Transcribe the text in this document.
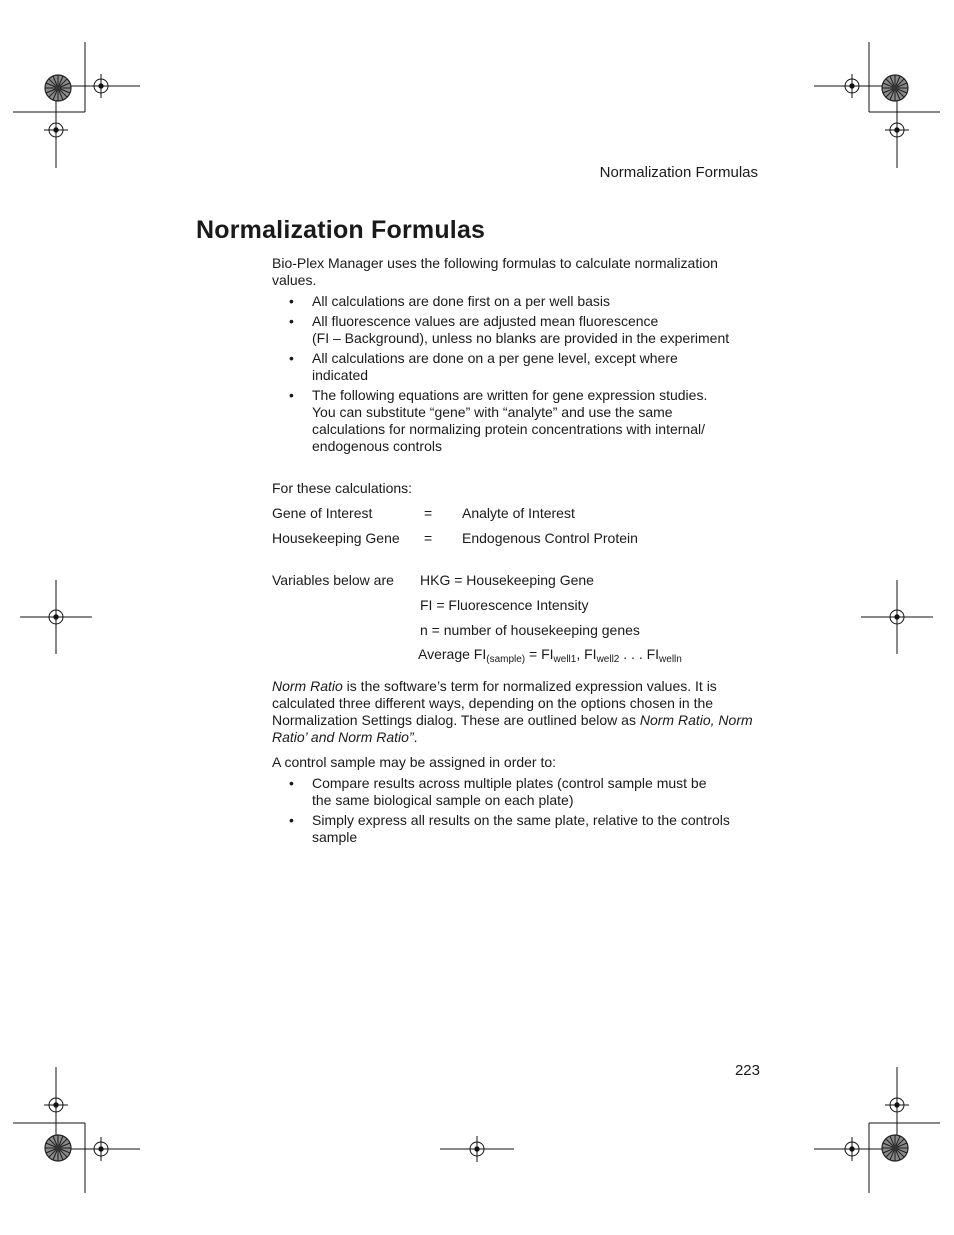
Normalization Formulas
Normalization Formulas

Bio-Plex Manager uses the following formulas to calculate normalization
values.

• All calculations are done first on a per well basis
• All fluorescence values are adjusted mean fluorescence
(FI – Background), unless no blanks are provided in the experiment
• All calculations are done on a per gene level, except where
indicated
• The following equations are written for gene expression studies.
You can substitute “gene” with “analyte” and use the same
calculations for normalizing protein concentrations with internal/
endogenous controls

For these calculations:

Gene of Interest	= Analyte of Interest
Housekeeping Gene = Endogenous Control Protein
Variables below are HKG = Housekeeping Gene
FI = Fluorescence Intensity
n = number of housekeeping genes
Average $FI_{(sample)} = FI_{well1}$, $FI_{well2}$ . . . $FI_{welln}$

Norm Ratio is the software’s term for normalized expression values. It is
calculated three different ways, depending on the options chosen in the
Normalization Settings dialog. These are outlined below as Norm Ratio, Norm
Ratio’ and Norm Ratio”.

A control sample may be assigned in order to:

• Compare results across multiple plates (control sample must be
the same biological sample on each plate)
• Simply express all results on the same plate, relative to the controls
sample
223
